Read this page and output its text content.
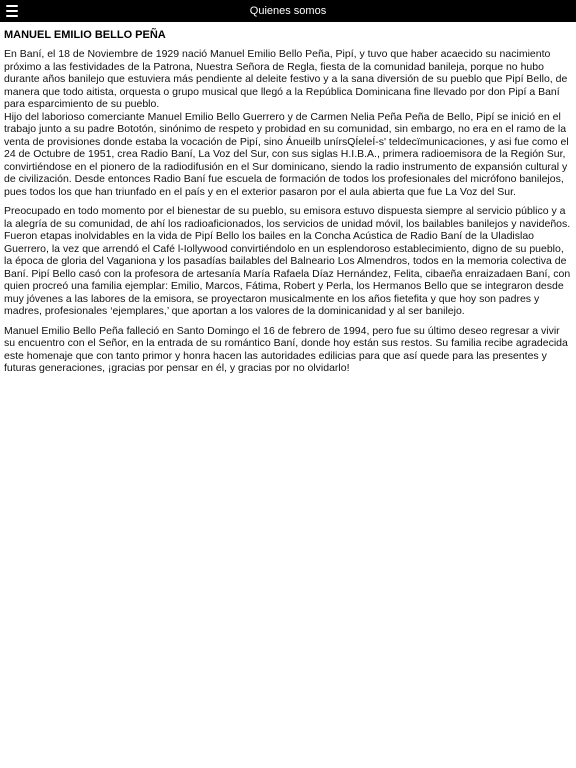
Quienes somos
MANUEL EMILIO BELLO PEÑA

En Baní, el 18 de Noviembre de 1929 nació Manuel Emilio Bello Peña, Pipí, y tuvo que haber acaecido su nacimiento próximo a las festividades de la Patrona, Nuestra Señora de Regla, fiesta de la comunidad banileja, porque no hubo durante años banilejo que estuviera más pendiente al deleite festivo y a la sana diversión de su pueblo que Pipí Bello, de manera que todo aitista, orquesta o grupo musical que llegó a la República Dominicana fine llevado por don Pipí a Baní para esparcimiento de su pueblo.

Hijo del laborioso comerciante Manuel Emilio Bello Guerrero y de Carmen Nelia Peña Peña de Bello, Pipí se inició en el trabajo junto a su padre Bototón, sinónimo de respeto y probidad en su comunidad, sin embargo, no era en el ramo de la venta de provisiones donde estaba la vocación de Pipí, sino Ánueilb unírsQÍeleÍ-s' teldecïmunicaciones, y asi fue como el 24 de Octubre de 1951, crea Radio Baní, La Voz del Sur, con sus siglas H.I.B.A., primera radioemisora de la Región Sur, convirtiéndose en el pionero de la radiodifusión en el Sur dominicano, siendo la radio instrumento de expansión cultural y de civilización. Desde entonces Radio Baní fue escuela de formación de todos los profesionales del micrófono banilejos, pues todos los que han triunfado en el país y en el exterior pasaron por el aula abierta que fue La Voz del Sur.

Preocupado en todo momento por el bienestar de su pueblo, su emisora estuvo dispuesta siempre al servicio público y a la alegría de su comunidad, de ahí los radioaficionados, los servicios de unidad móvil, los bailables banilejos y navideños. Fueron etapas inolvidables en la vida de Pipí Bello los bailes en la Concha Acústica de Radio Baní de la Uladislao Guerrero, la vez que arrendó el Café l-Iollywood convirtiéndolo en un esplendoroso establecimiento, digno de su pueblo, la época de gloria del Vaganiona y los pasadías bailables del Balneario Los Almendros, todos en la memoria colectiva de Baní. Pipí Bello casó con la profesora de artesanía María Rafaela Díaz Hernández, Felita, cibaeña enraizadaen Baní, con quien procreó una familia ejemplar: Emilio, Marcos, Fátima, Robert y Perla, los Hermanos Bello que se integraron desde muy jóvenes a las labores de la emisora, se proyectaron musicalmente en los años fietefita y que hoy son padres y madres, profesionales ‘ejemplares,’ que aportan a los valores de la dominicanidad y al ser banilejo.

Manuel Emilio Bello Peña falleció en Santo Domingo el 16 de febrero de 1994, pero fue su último deseo regresar a vivir su encuentro con el Señor, en la entrada de su romántico Baní, donde hoy están sus restos. Su familia recibe agradecida este homenaje que con tanto primor y honra hacen las autoridades edilicias para que así quede para las presentes y futuras generaciones, ¡gracias por pensar en él, y gracias por no olvidarlo!
